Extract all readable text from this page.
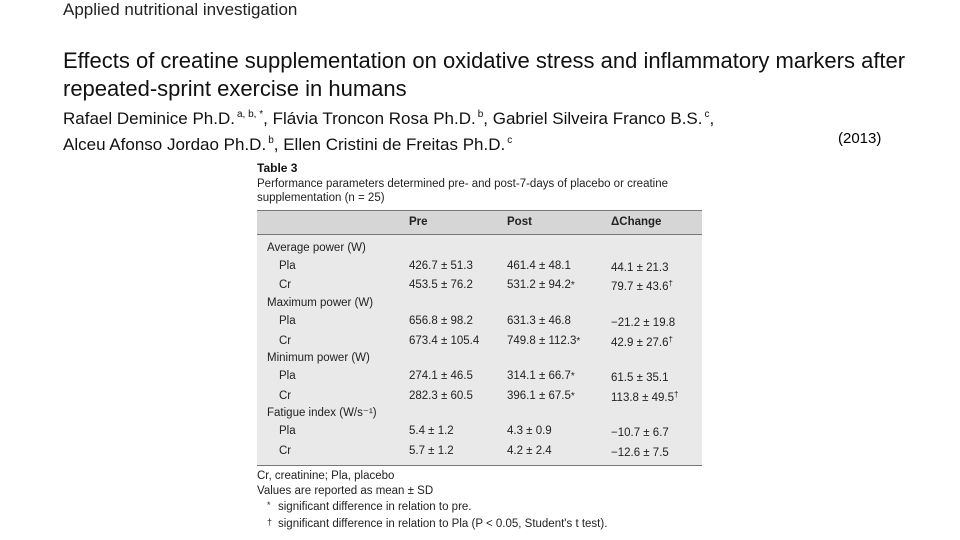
Applied nutritional investigation
Effects of creatine supplementation on oxidative stress and inflammatory markers after repeated-sprint exercise in humans
Rafael Deminice Ph.D. $^{a, b, *}$, Flávia Troncon Rosa Ph.D. $^b$, Gabriel Silveira Franco B.S. $^c$,
Alceu Afonso Jordao Ph.D. $^b$, Ellen Cristini de Freitas Ph.D. $^c$	(2013)
Table 3
Performance parameters determined pre- and post-7-days of placebo or creatine supplementation (n = 25)
	Pre	Post	ΔChange
Average power (W)			
Pla	426.7 ± 51.3	461.4 ± 48.1	44.1 ± 21.3
Cr	453.5 ± 76.2	531.2 ± 94.2*	79.7 ± 43.6†
Maximum power (W)			
Pla	656.8 ± 98.2	631.3 ± 46.8	−21.2 ± 19.8
Cr	673.4 ± 105.4	749.8 ± 112.3*	42.9 ± 27.6†
Minimum power (W)			
Pla	274.1 ± 46.5	314.1 ± 66.7*	61.5 ± 35.1
Cr	282.3 ± 60.5	396.1 ± 67.5*	113.8 ± 49.5†
Fatigue index (W/s⁻¹)			
Pla	5.4 ± 1.2	4.3 ± 0.9	−10.7 ± 6.7
Cr	5.7 ± 1.2	4.2 ± 2.4	−12.6 ± 7.5
Cr, creatinine; Pla, placebo
Values are reported as mean ± SD
* significant difference in relation to pre.
† significant difference in relation to Pla (P < 0.05, Student's t test).
